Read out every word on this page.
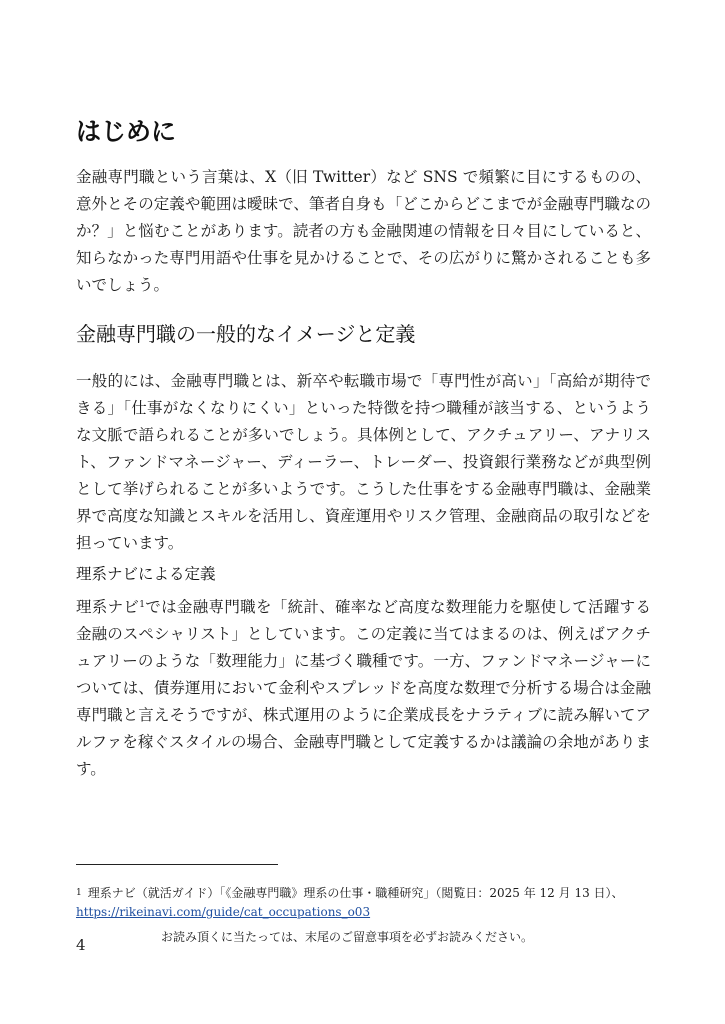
はじめに

金融専門職という言葉は、X（旧 Twitter）など SNS で頻繁に目にするものの、意外とその定義や範囲は曖昧で、筆者自身も「どこからどこまでが金融専門職なのか？」と悩むことがあります。読者の方も金融関連の情報を日々目にしていると、知らなかった専門用語や仕事を見かけることで、その広がりに驚かされることも多いでしょう。

金融専門職の一般的なイメージと定義

一般的には、金融専門職とは、新卒や転職市場で「専門性が高い」「高給が期待できる」「仕事がなくなりにくい」といった特徴を持つ職種が該当する、というような文脈で語られることが多いでしょう。具体例として、アクチュアリー、アナリスト、ファンドマネージャー、ディーラー、トレーダー、投資銀行業務などが典型例として挙げられることが多いようです。こうした仕事をする金融専門職は、金融業界で高度な知識とスキルを活用し、資産運用やリスク管理、金融商品の取引などを担っています。

理系ナビによる定義

理系ナビ$^1$では金融専門職を「統計、確率など高度な数理能力を駆使して活躍する金融のスペシャリスト」としています。この定義に当てはまるのは、例えばアクチュアリーのような「数理能力」に基づく職種です。一方、ファンドマネージャーについては、債券運用において金利やスプレッドを高度な数理で分析する場合は金融専門職と言えそうですが、株式運用のように企業成長をナラティブに読み解いてアルファを稼ぐスタイルの場合、金融専門職として定義するかは議論の余地があります。

$^1$ 理系ナビ（就活ガイド）「《金融専門職》理系の仕事・職種研究」（閲覧日：2025 年 12 月 13 日）、
https://rikeinavi.com/guide/cat_occupations_o03

お読み頂くに当たっては、末尾のご留意事項を必ずお読みください。

4
